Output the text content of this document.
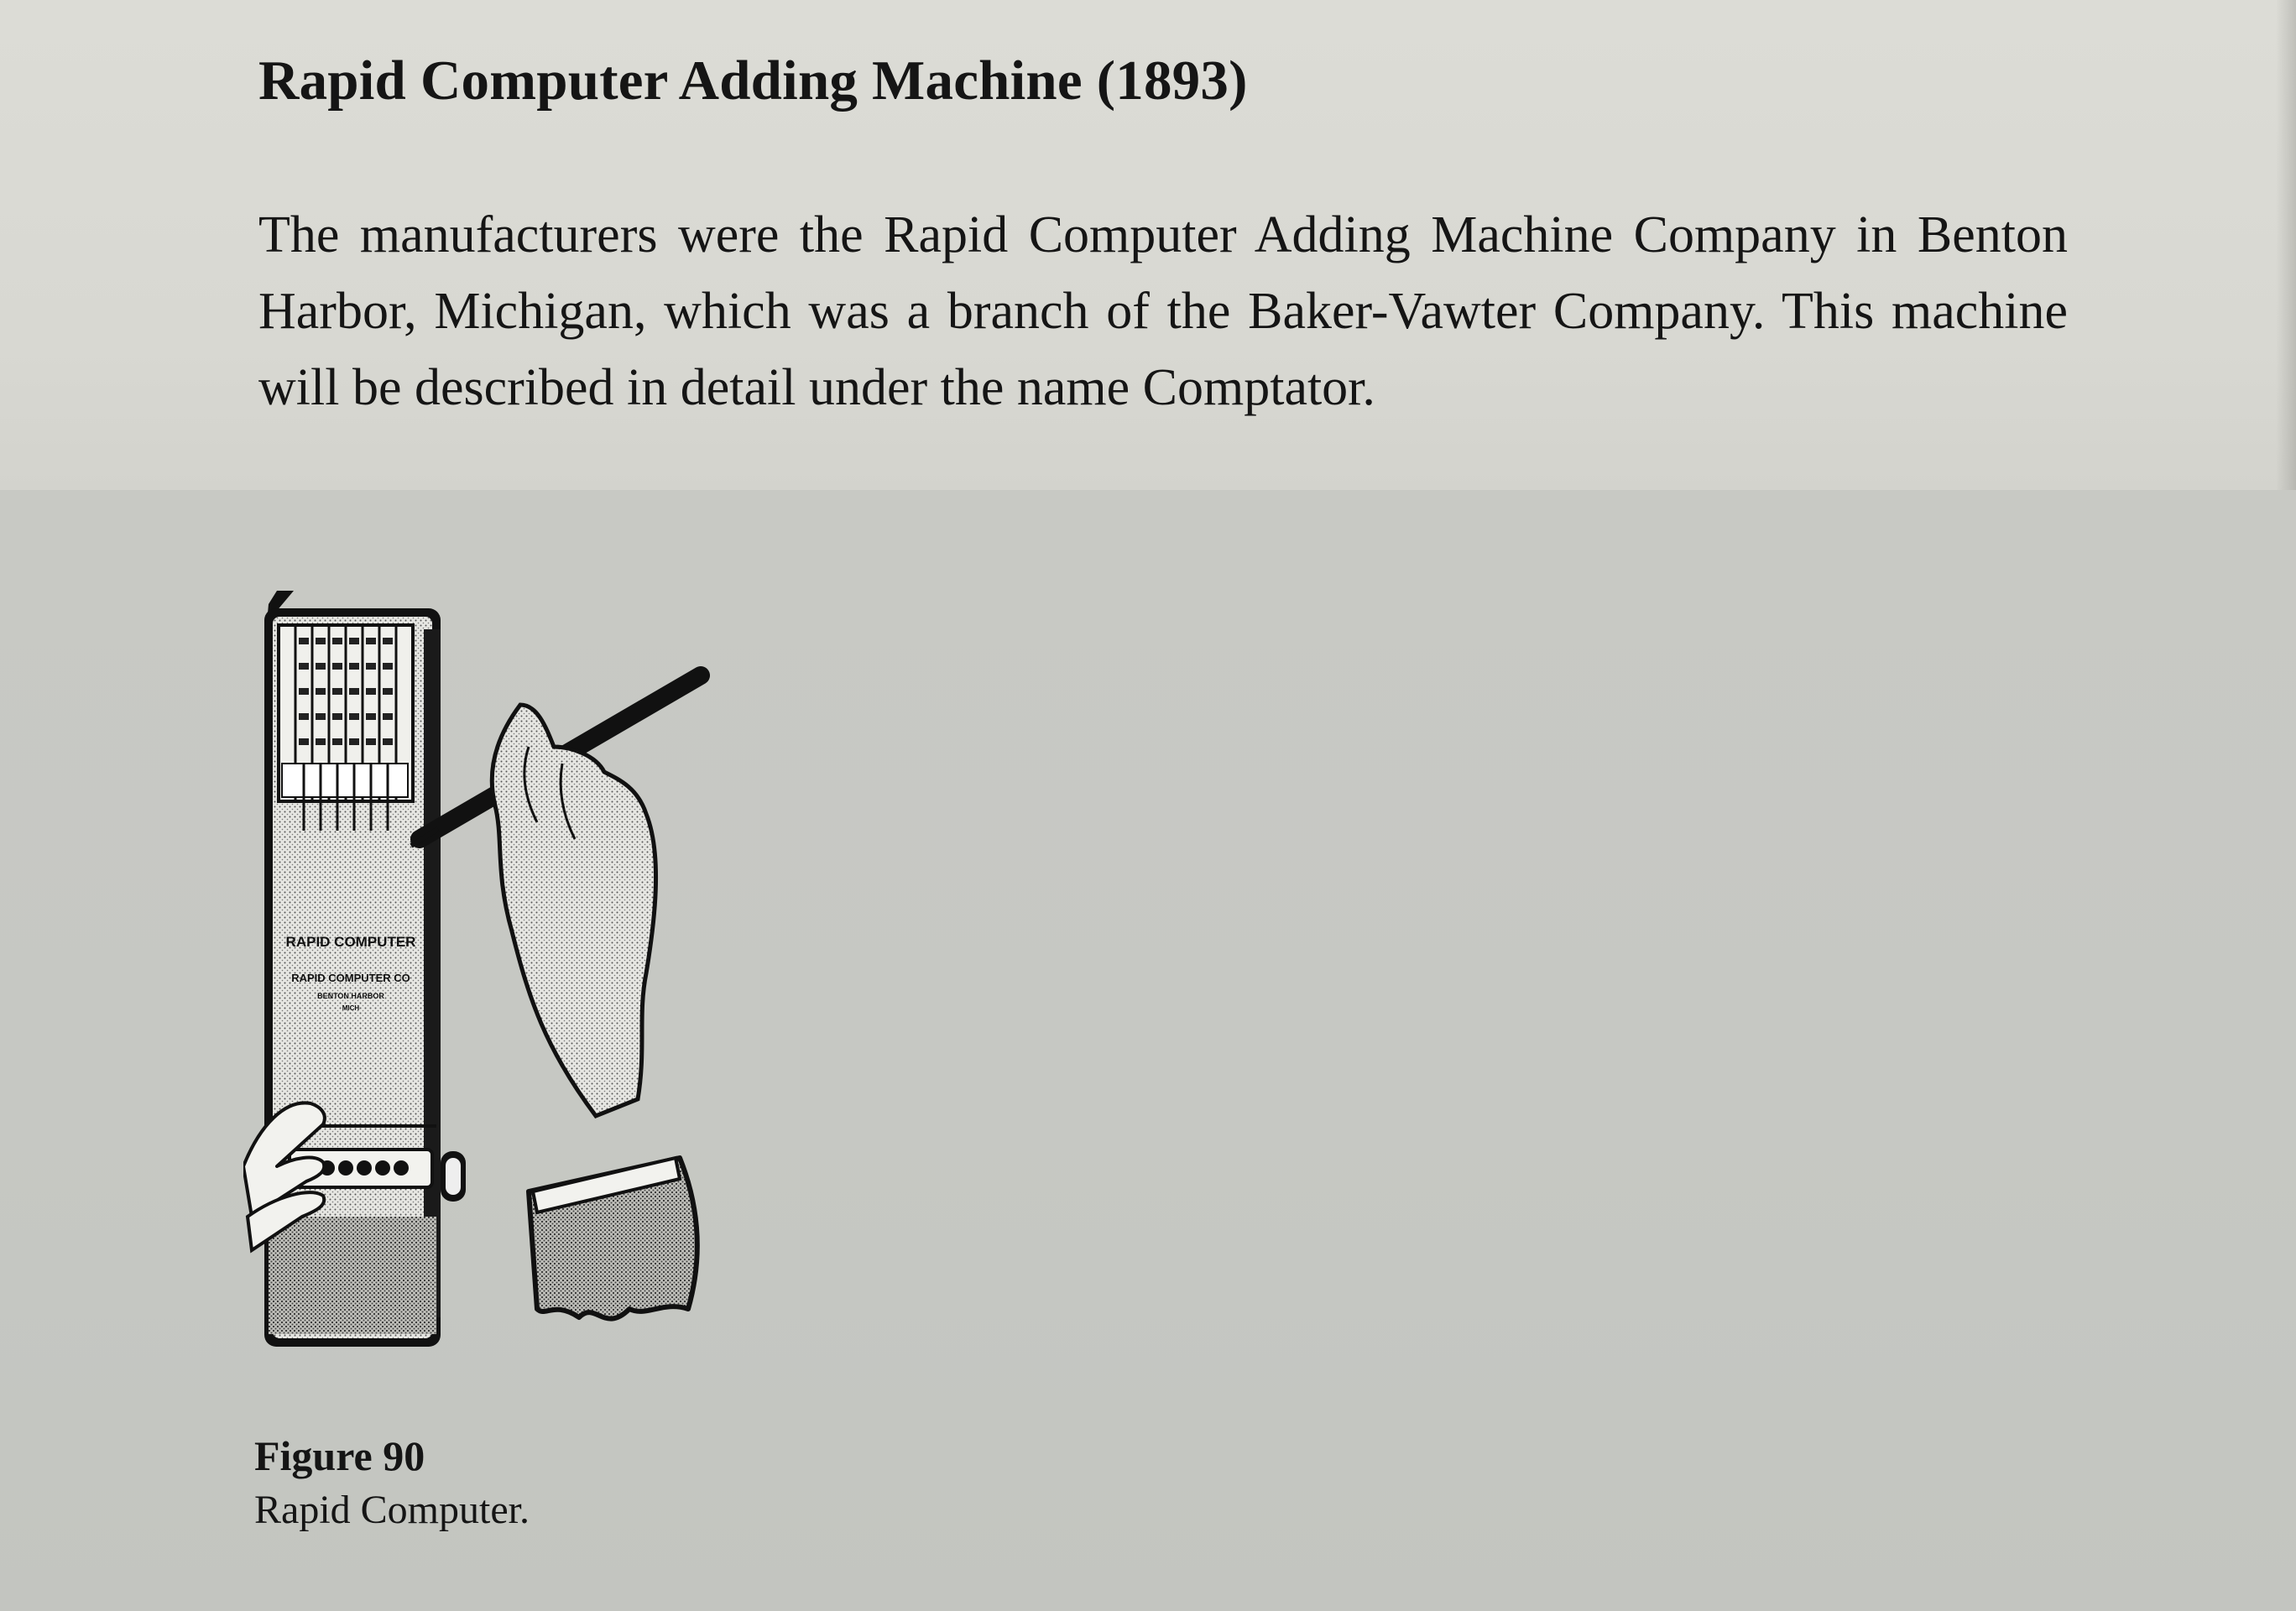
Rapid Computer Adding Machine (1893)

The manufacturers were the Rapid Computer Adding Machine Company in Benton Harbor, Michigan, which was a branch of the Baker-Vawter Company. This machine will be described in detail under the name Comptator.

RAPID COMPUTER
RAPID COMPUTER CO
BENTON HARBOR
MICH
Figure 90
Rapid Computer.
